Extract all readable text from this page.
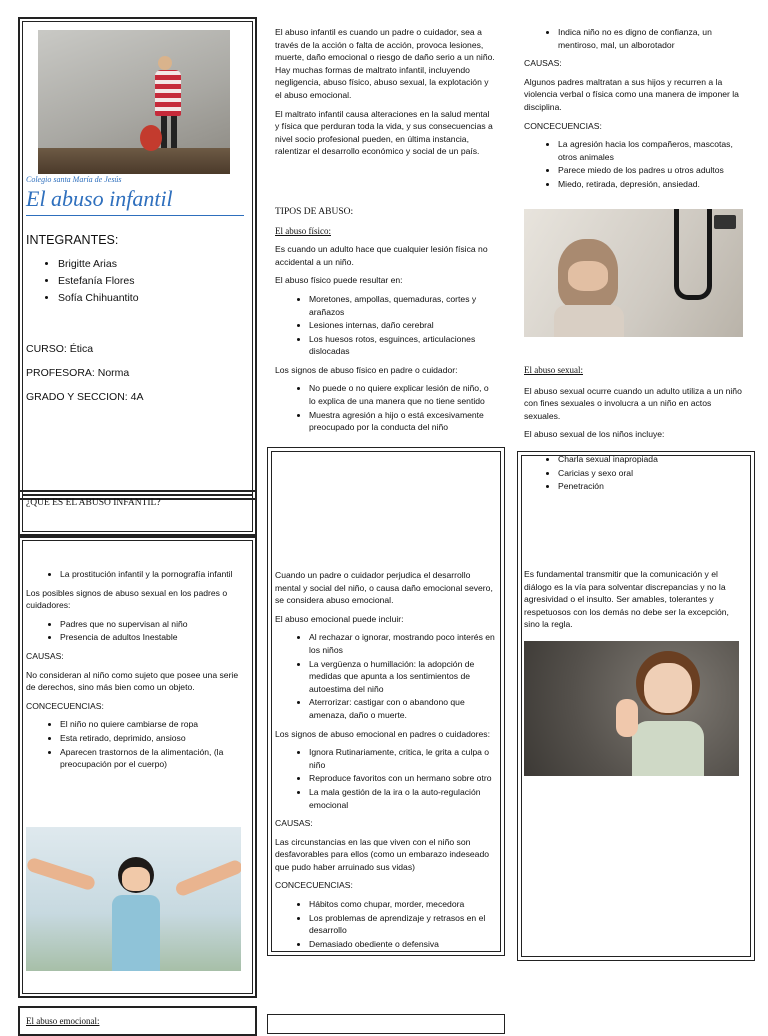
Colegio santa María de Jesús
El abuso infantil
INTEGRANTES:
• Brigitte Arias
• Estefanía Flores
• Sofía Chihuantito
CURSO: Ética
PROFESORA: Norma
GRADO Y SECCION: 4A
¿QUE ES EL ABUSO INFANTIL?
• La prostitución infantil y la pornografía infantil

Los posibles signos de abuso sexual en los padres o cuidadores:

• Padres que no supervisan al niño
• Presencia de adultos Inestable

CAUSAS:

No consideran al niño como sujeto que posee una serie de derechos, sino más bien como un objeto.

CONCECUENCIAS:

• El niño no quiere cambiarse de ropa
• Esta retirado, deprimido, ansioso
• Aparecen trastornos de la alimentación, (la preocupación por el cuerpo)
El abuso emocional:

El abuso infantil es cuando un padre o cuidador, sea a través de la acción o falta de acción, provoca lesiones, muerte, daño emocional o riesgo de daño serio a un niño. Hay muchas formas de maltrato infantil, incluyendo negligencia, abuso físico, abuso sexual, la explotación y el abuso emocional.

El maltrato infantil causa alteraciones en la salud mental y física que perduran toda la vida, y sus consecuencias a nivel socio profesional pueden, en última instancia, ralentizar el desarrollo económico y social de un país.

TIPOS DE ABUSO:

El abuso físico:

Es cuando un adulto hace que cualquier lesión física no accidental a un niño.

El abuso físico puede resultar en:

• Moretones, ampollas, quemaduras, cortes y arañazos
• Lesiones internas, daño cerebral
• Los huesos rotos, esguinces, articulaciones dislocadas

Los signos de abuso físico en padre o cuidador:

• No puede o no quiere explicar lesión de niño, o lo explica de una manera que no tiene sentido
• Muestra agresión a hijo o está excesivamente preocupado por la conducta del niño

Cuando un padre o cuidador perjudica el desarrollo mental y social del niño, o causa daño emocional severo, se considera abuso emocional.

El abuso emocional puede incluir:

• Al rechazar o ignorar, mostrando poco interés en los niños
• La vergüenza o humillación: la adopción de medidas que apunta a los sentimientos de autoestima del niño
• Aterrorizar: castigar con o abandono que amenaza, daño o muerte.

Los signos de abuso emocional en padres o cuidadores:

• Ignora Rutinariamente, critica, le grita a culpa o niño
• Reproduce favoritos con un hermano sobre otro
• La mala gestión de la ira o la auto-regulación emocional

CAUSAS:

Las circunstancias en las que viven con el niño son desfavorables para ellos (como un embarazo indeseado que pudo haber arruinado sus vidas)

CONCECUENCIAS:

• Hábitos como chupar, morder, mecedora
• Los problemas de aprendizaje y retrasos en el desarrollo
• Demasiado obediente o defensiva
• Indica niño no es digno de confianza, un mentiroso, mal, un alborotador

CAUSAS:

Algunos padres maltratan a sus hijos y recurren a la violencia verbal o física como una manera de imponer la disciplina.

CONCECUENCIAS:

• La agresión hacia los compañeros, mascotas, otros animales
• Parece miedo de los padres u otros adultos
• Miedo, retirada, depresión, ansiedad.

El abuso sexual:

El abuso sexual ocurre cuando un adulto utiliza a un niño con fines sexuales o involucra a un niño en actos sexuales.

El abuso sexual de los niños incluye:

• Charla sexual inapropiada
• Caricias y sexo oral
• Penetración

Es fundamental transmitir que la comunicación y el diálogo es la vía para solventar discrepancias y no la agresividad o el insulto. Ser amables, tolerantes y respetuosos con los demás no debe ser la excepción, sino la regla.
